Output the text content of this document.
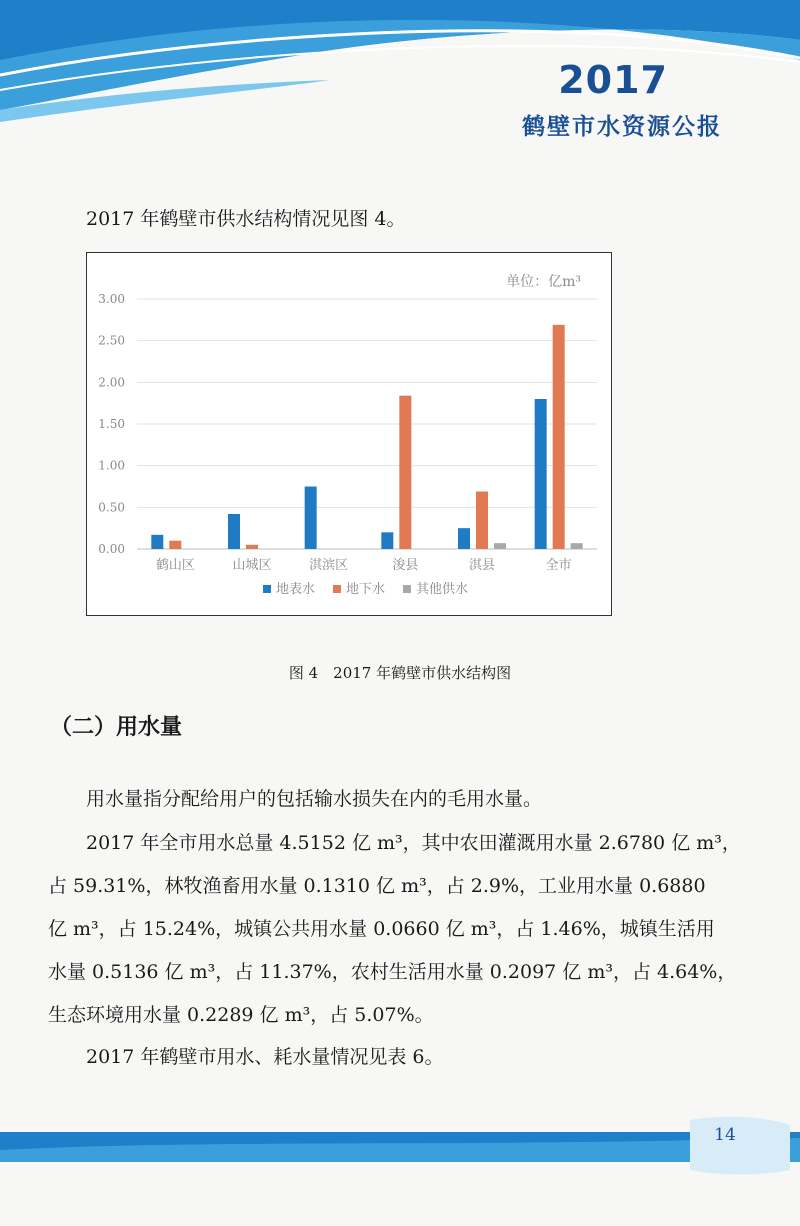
2017
鹤壁市水资源公报
2017 年鹤壁市供水结构情况见图 4。
单位：亿m³
0.00
0.50
1.00
1.50
2.00
2.50
3.00
鹤山区	山城区	淇滨区	浚县	淇县	全市
地表水 地下水 其他供水
图 4　2017 年鹤壁市供水结构图
（二）用水量
用水量指分配给用户的包括输水损失在内的毛用水量。
2017 年全市用水总量 4.5152 亿 m³，其中农田灌溉用水量 2.6780 亿 m³，
占 59.31%，林牧渔畜用水量 0.1310 亿 m³，占 2.9%，工业用水量 0.6880
亿 m³，占 15.24%，城镇公共用水量 0.0660 亿 m³，占 1.46%，城镇生活用
水量 0.5136 亿 m³，占 11.37%，农村生活用水量 0.2097 亿 m³，占 4.64%，
生态环境用水量 0.2289 亿 m³，占 5.07%。
2017 年鹤壁市用水、耗水量情况见表 6。
14
